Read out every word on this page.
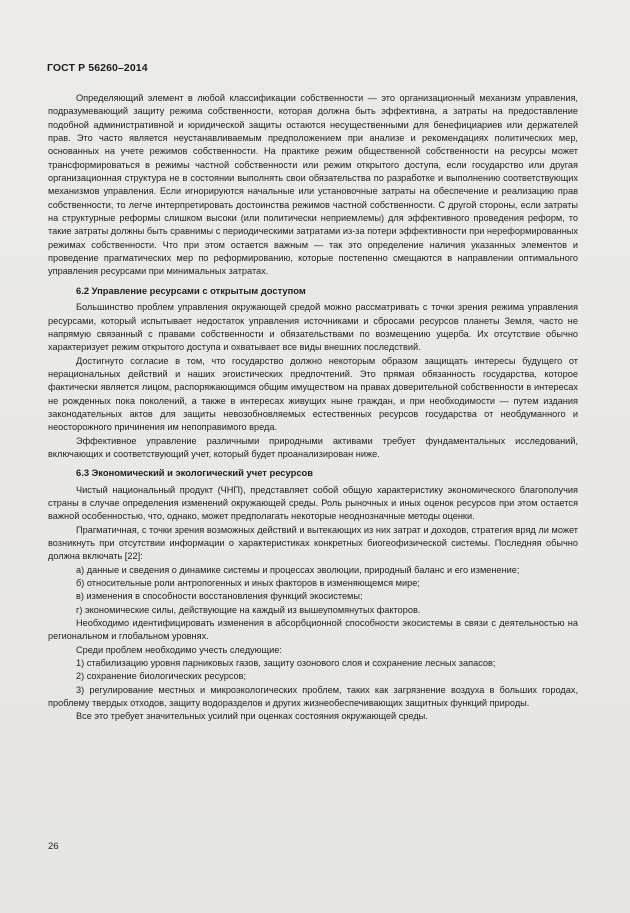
ГОСТ Р 56260–2014

Определяющий элемент в любой классификации собственности — это организационный механизм управления, подразумевающий защиту режима собственности, которая должна быть эффективна, а затраты на предоставление подобной административной и юридической защиты остаются несущественными для бенефициариев или держателей прав. Это часто является неустанавливаемым предположением при анализе и рекомендациях политических мер, основанных на учете режимов собственности. На практике режим общественной собственности на ресурсы может трансформироваться в режимы частной собственности или режим открытого доступа, если государство или другая организационная структура не в состоянии выполнять свои обязательства по разработке и выполнению соответствующих механизмов управления. Если игнорируются начальные или установочные затраты на обеспечение и реализацию прав собственности, то легче интерпретировать достоинства режимов частной собственности. С другой стороны, если затраты на структурные реформы слишком высоки (или политически неприемлемы) для эффективного проведения реформ, то такие затраты должны быть сравнимы с периодическими затратами из-за потери эффективности при нереформированных режимах собственности. Что при этом остается важным — так это определение наличия указанных элементов и проведение прагматических мер по реформированию, которые постепенно смещаются в направлении оптимального управления ресурсами при минимальных затратах.

6.2 Управление ресурсами с открытым доступом

Большинство проблем управления окружающей средой можно рассматривать с точки зрения режима управления ресурсами, который испытывает недостаток управления источниками и сбросами ресурсов планеты Земля, часто не напрямую связанный с правами собственности и обязательствами по возмещению ущерба. Их отсутствие обычно характеризует режим открытого доступа и охватывает все виды внешних последствий.

Достигнуто согласие в том, что государство должно некоторым образом защищать интересы будущего от нерациональных действий и наших эгоистических предпочтений. Это прямая обязанность государства, которое фактически является лицом, распоряжающимся общим имуществом на правах доверительной собственности в интересах не рожденных пока поколений, а также в интересах живущих ныне граждан, и при необходимости — путем издания законодательных актов для защиты невозобновляемых естественных ресурсов государства от необдуманного и неосторожного причинения им непоправимого вреда.

Эффективное управление различными природными активами требует фундаментальных исследований, включающих и соответствующий учет, который будет проанализирован ниже.

6.3 Экономический и экологический учет ресурсов

Чистый национальный продукт (ЧНП), представляет собой общую характеристику экономического благополучия страны в случае определения изменений окружающей среды. Роль рыночных и иных оценок ресурсов при этом остается важной особенностью, что, однако, может предполагать некоторые неоднозначные методы оценки.

Прагматичная, с точки зрения возможных действий и вытекающих из них затрат и доходов, стратегия вряд ли может возникнуть при отсутствии информации о характеристиках конкретных биогеофизической системы. Последняя обычно должна включать [22]:

а) данные и сведения о динамике системы и процессах эволюции, природный баланс и его изменение;

б) относительные роли антропогенных и иных факторов в изменяющемся мире;

в) изменения в способности восстановления функций экосистемы;

г) экономические силы, действующие на каждый из вышеупомянутых факторов.

Необходимо идентифицировать изменения в абсорбционной способности экосистемы в связи с деятельностью на региональном и глобальном уровнях.

Среди проблем необходимо учесть следующие:

1) стабилизацию уровня парниковых газов, защиту озонового слоя и сохранение лесных запасов;

2) сохранение биологических ресурсов;

3) регулирование местных и микроэкологических проблем, таких как загрязнение воздуха в больших городах, проблему твердых отходов, защиту водоразделов и других жизнеобеспечивающих защитных функций природы.

Все это требует значительных усилий при оценках состояния окружающей среды.

26
